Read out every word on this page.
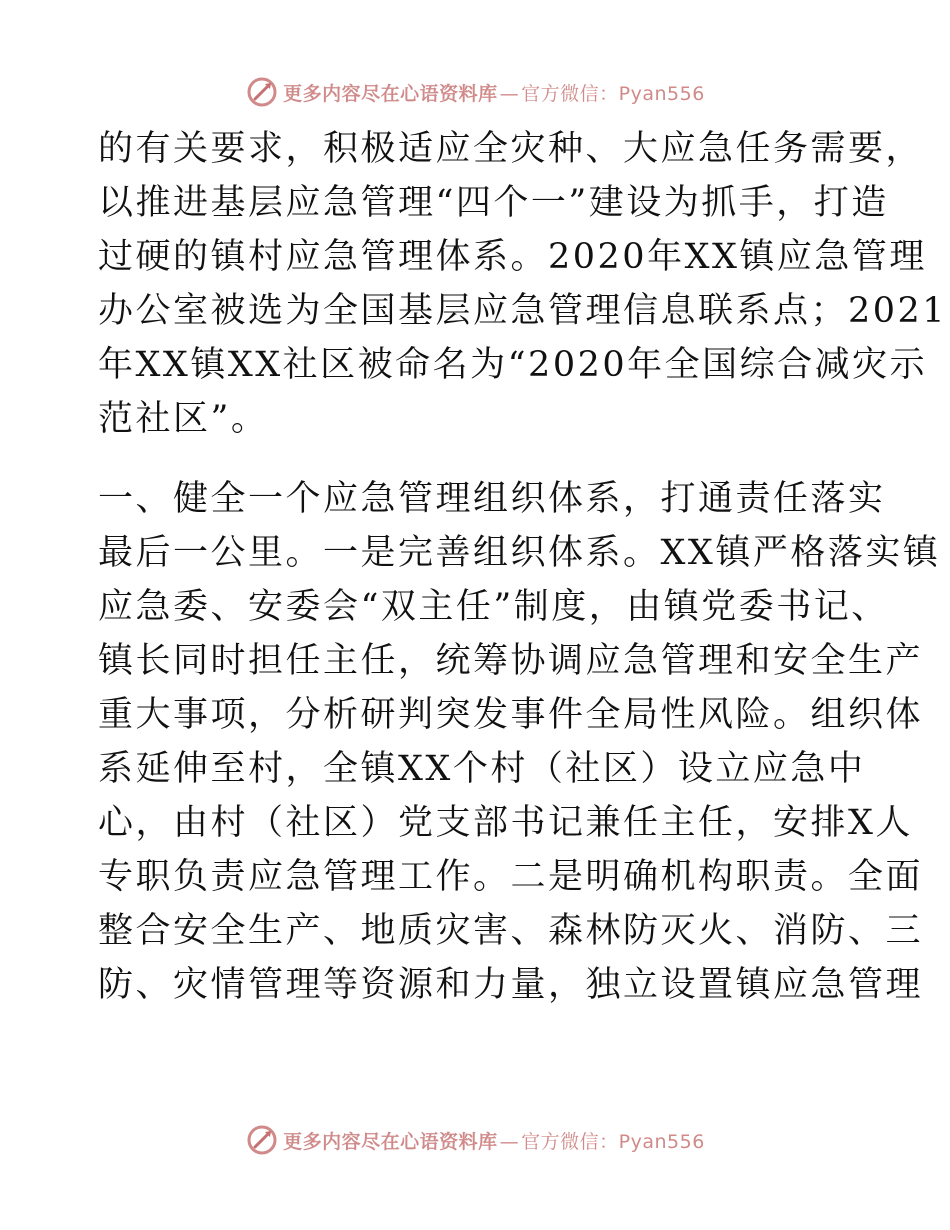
更多内容尽在心语资料库 — 官方微信：Pyan556
的有关要求，积极适应全灾种、大应急任务需要，
以推进基层应急管理“四个一”建设为抓手，打造
过硬的镇村应急管理体系。2020年XX镇应急管理
办公室被选为全国基层应急管理信息联系点；2021
年XX镇XX社区被命名为“2020年全国综合减灾示
范社区”。
一、健全一个应急管理组织体系，打通责任落实
最后一公里。一是完善组织体系。XX镇严格落实镇
应急委、安委会“双主任”制度，由镇党委书记、
镇长同时担任主任，统筹协调应急管理和安全生产
重大事项，分析研判突发事件全局性风险。组织体
系延伸至村，全镇XX个村（社区）设立应急中
心，由村（社区）党支部书记兼任主任，安排X人
专职负责应急管理工作。二是明确机构职责。全面
整合安全生产、地质灾害、森林防灭火、消防、三
防、灾情管理等资源和力量，独立设置镇应急管理
更多内容尽在心语资料库 — 官方微信：Pyan556
